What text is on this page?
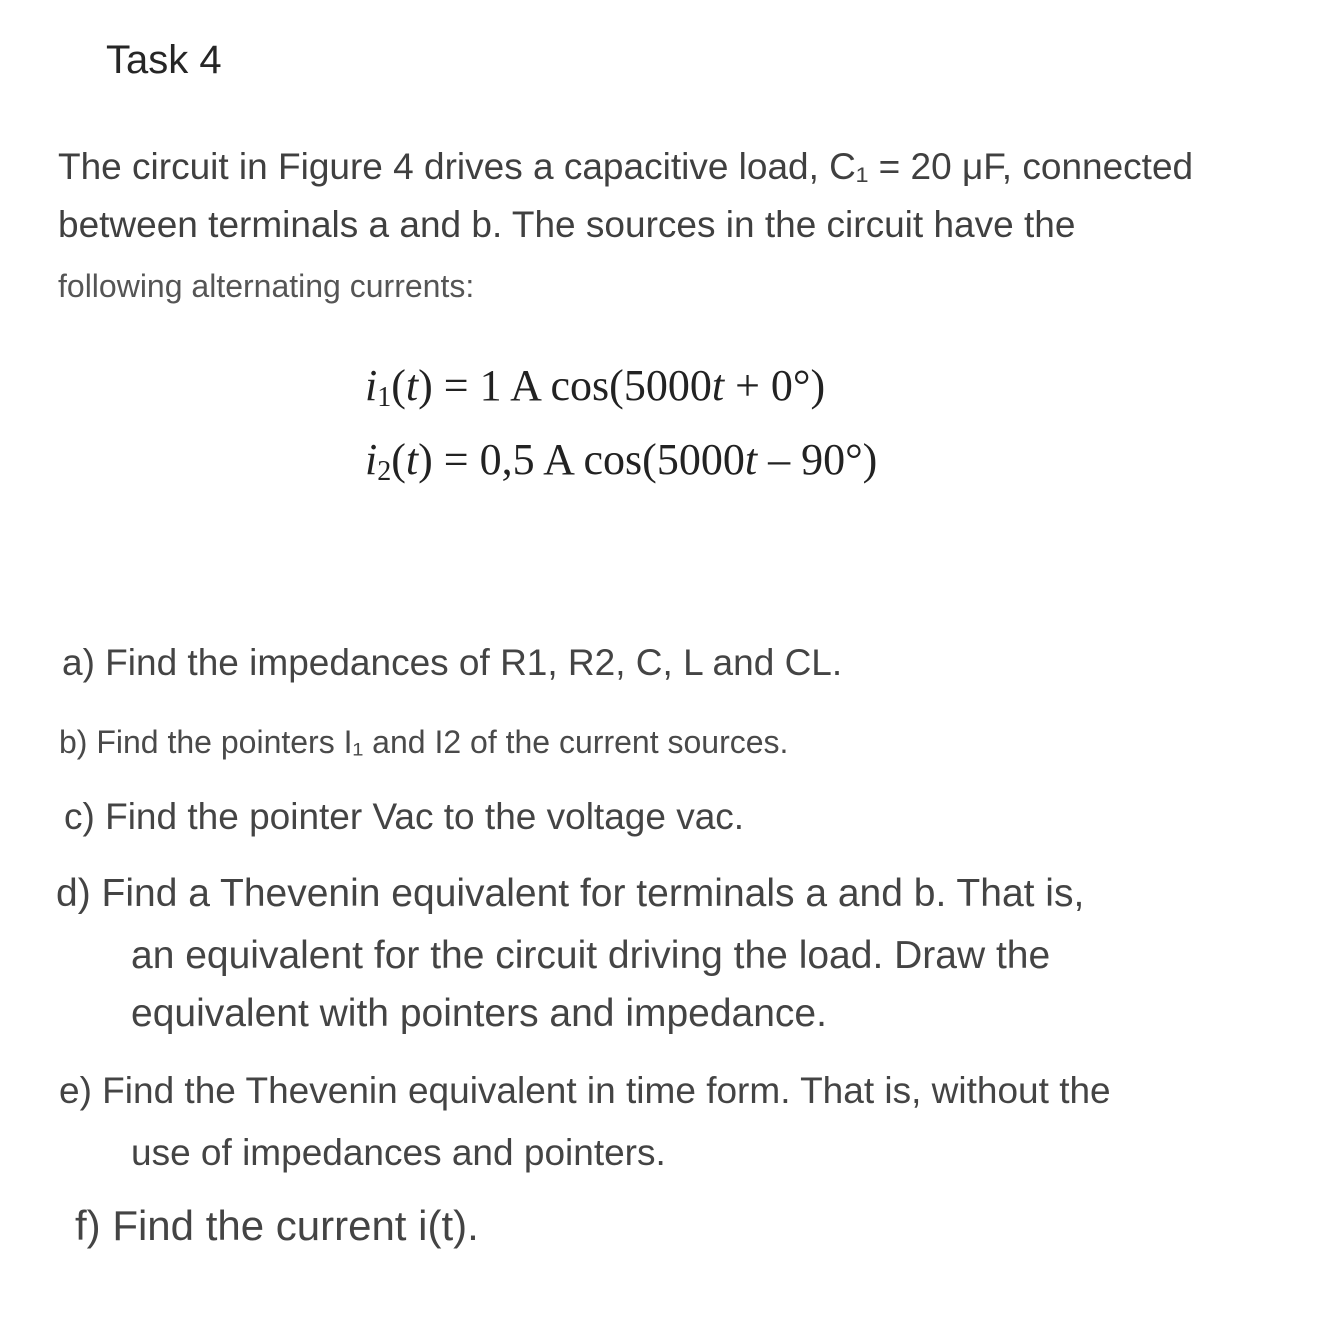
Task 4
The circuit in Figure 4 drives a capacitive load, C₁ = 20 μF, connected
between terminals a and b. The sources in the circuit have the
following alternating currents:
$i_1(t) = 1$ A cos(5000t + 0°)
$i_2(t) = 0,5$ A cos(5000t – 90°)
a) Find the impedances of R1, R2, C, L and CL.
b) Find the pointers I₁ and I2 of the current sources.
c) Find the pointer Vac to the voltage vac.
d) Find a Thevenin equivalent for terminals a and b. That is,
an equivalent for the circuit driving the load. Draw the
equivalent with pointers and impedance.
e) Find the Thevenin equivalent in time form. That is, without the
use of impedances and pointers.
f) Find the current i(t).
